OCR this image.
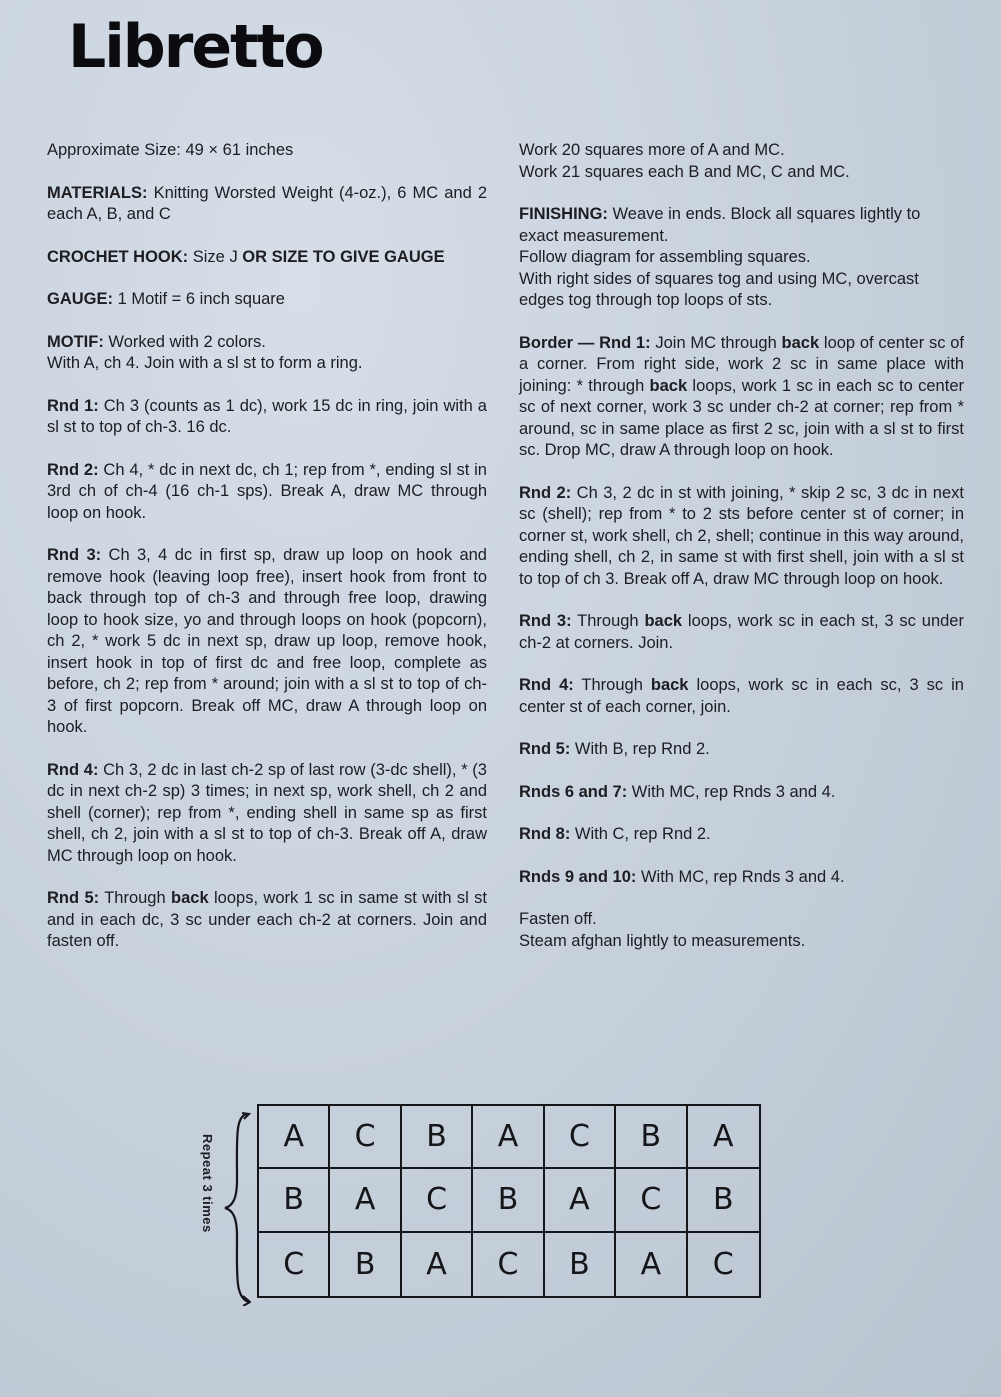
Libretto
Approximate Size: 49 × 61 inches
MATERIALS: Knitting Worsted Weight (4-oz.), 6 MC and 2 each A, B, and C
CROCHET HOOK: Size J OR SIZE TO GIVE GAUGE
GAUGE: 1 Motif = 6 inch square
MOTIF: Worked with 2 colors.
With A, ch 4. Join with a sl st to form a ring.
Rnd 1: Ch 3 (counts as 1 dc), work 15 dc in ring, join with a sl st to top of ch-3. 16 dc.
Rnd 2: Ch 4, * dc in next dc, ch 1; rep from *, ending sl st in 3rd ch of ch-4 (16 ch-1 sps). Break A, draw MC through loop on hook.
Rnd 3: Ch 3, 4 dc in first sp, draw up loop on hook and remove hook (leaving loop free), insert hook from front to back through top of ch-3 and through free loop, drawing loop to hook size, yo and through loops on hook (popcorn), ch 2, * work 5 dc in next sp, draw up loop, remove hook, insert hook in top of first dc and free loop, complete as before, ch 2; rep from * around; join with a sl st to top of ch-3 of first popcorn. Break off MC, draw A through loop on hook.
Rnd 4: Ch 3, 2 dc in last ch-2 sp of last row (3-dc shell), * (3 dc in next ch-2 sp) 3 times; in next sp, work shell, ch 2 and shell (corner); rep from *, ending shell in same sp as first shell, ch 2, join with a sl st to top of ch-3. Break off A, draw MC through loop on hook.
Rnd 5: Through back loops, work 1 sc in same st with sl st and in each dc, 3 sc under each ch-2 at corners. Join and fasten off.
Work 20 squares more of A and MC.
Work 21 squares each B and MC, C and MC.
FINISHING: Weave in ends. Block all squares lightly to exact measurement.
Follow diagram for assembling squares.
With right sides of squares tog and using MC, overcast edges tog through top loops of sts.
Border — Rnd 1: Join MC through back loop of center sc of a corner. From right side, work 2 sc in same place with joining: * through back loops, work 1 sc in each sc to center sc of next corner, work 3 sc under ch-2 at corner; rep from * around, sc in same place as first 2 sc, join with a sl st to first sc. Drop MC, draw A through loop on hook.
Rnd 2: Ch 3, 2 dc in st with joining, * skip 2 sc, 3 dc in next sc (shell); rep from * to 2 sts before center st of corner; in corner st, work shell, ch 2, shell; continue in this way around, ending shell, ch 2, in same st with first shell, join with a sl st to top of ch 3. Break off A, draw MC through loop on hook.
Rnd 3: Through back loops, work sc in each st, 3 sc under ch-2 at corners. Join.
Rnd 4: Through back loops, work sc in each sc, 3 sc in center st of each corner, join.
Rnd 5: With B, rep Rnd 2.
Rnds 6 and 7: With MC, rep Rnds 3 and 4.
Rnd 8: With C, rep Rnd 2.
Rnds 9 and 10: With MC, rep Rnds 3 and 4.
Fasten off.
Steam afghan lightly to measurements.
Repeat 3 times	A	C	B	A	C	B	A
B	A	C	B	A	C	B
C	B	A	C	B	A	C
